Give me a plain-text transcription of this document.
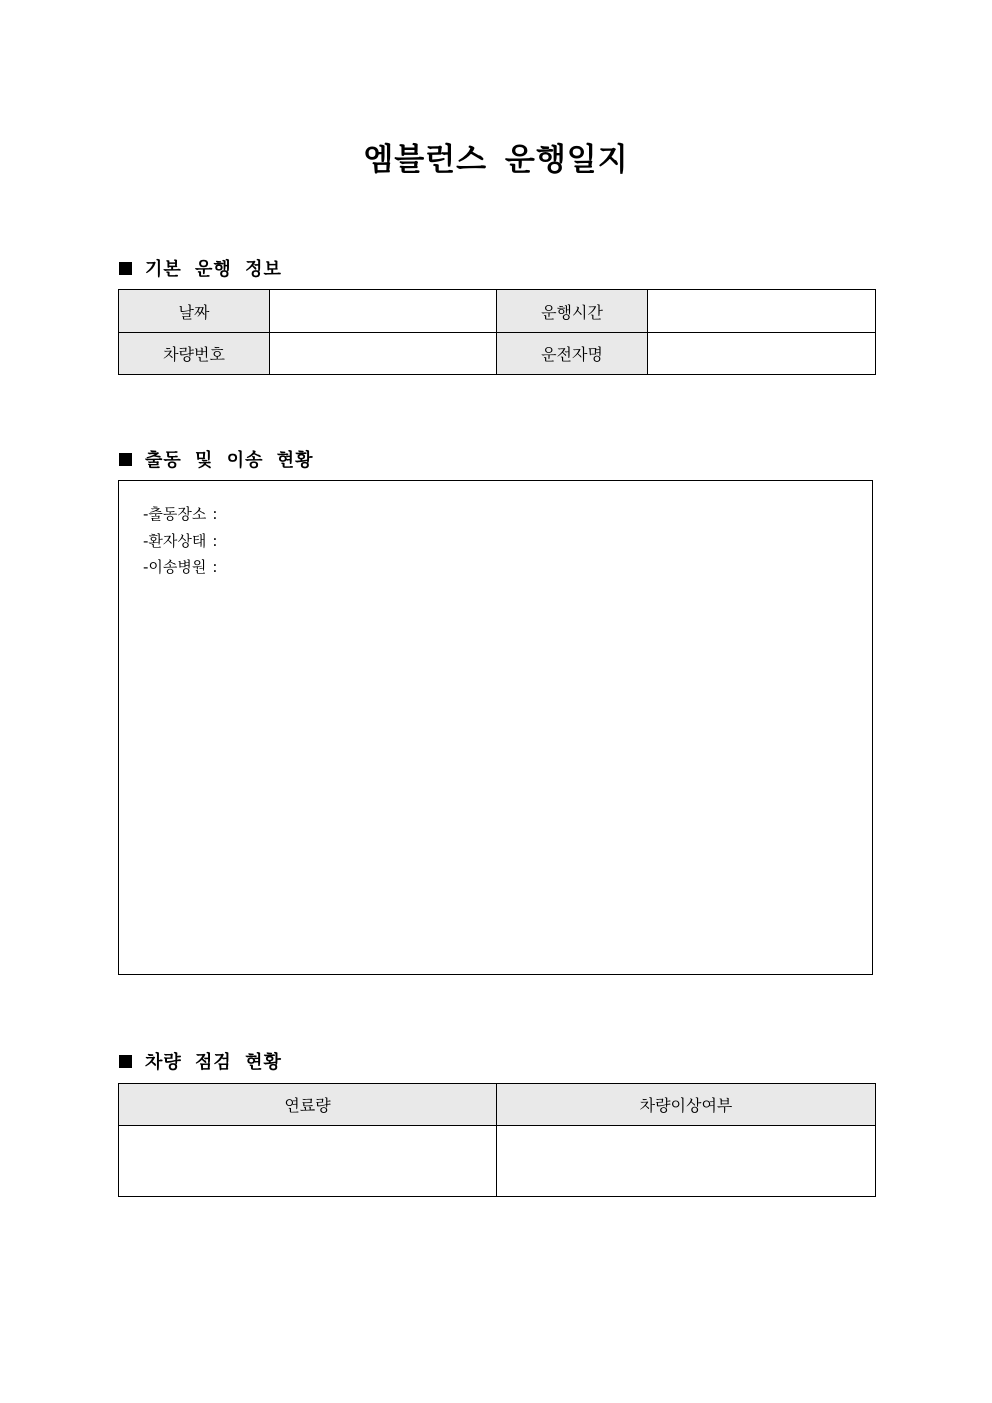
엠블런스 운행일지
기본 운행 정보
날짜		운행시간	
차량번호		운전자명	
출동 및 이송 현황
-출동장소 :
-환자상태 :
-이송병원 :
차량 점검 현황
연료량	차량이상여부
